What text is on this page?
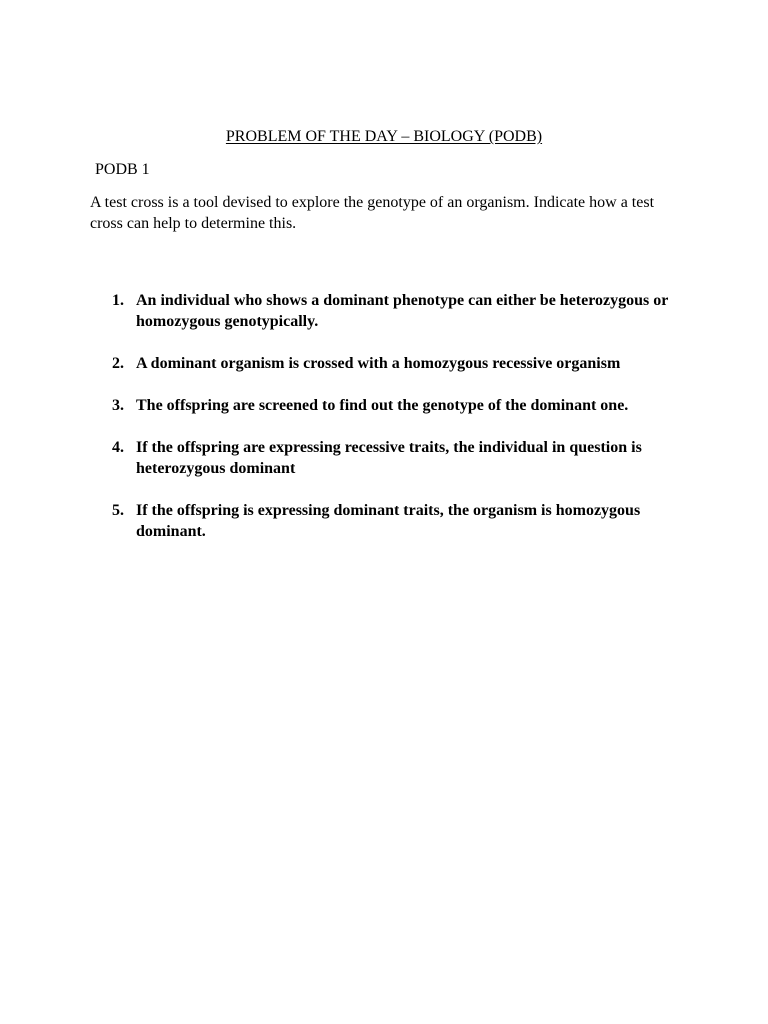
PROBLEM OF THE DAY – BIOLOGY (PODB)
PODB 1
A test cross is a tool devised to explore the genotype of an organism. Indicate how a test cross can help to determine this.
1. An individual who shows a dominant phenotype can either be heterozygous or homozygous genotypically.
2. A dominant organism is crossed with a homozygous recessive organism
3. The offspring are screened to find out the genotype of the dominant one.
4. If the offspring are expressing recessive traits, the individual in question is heterozygous dominant
5. If the offspring is expressing dominant traits, the organism is homozygous dominant.
